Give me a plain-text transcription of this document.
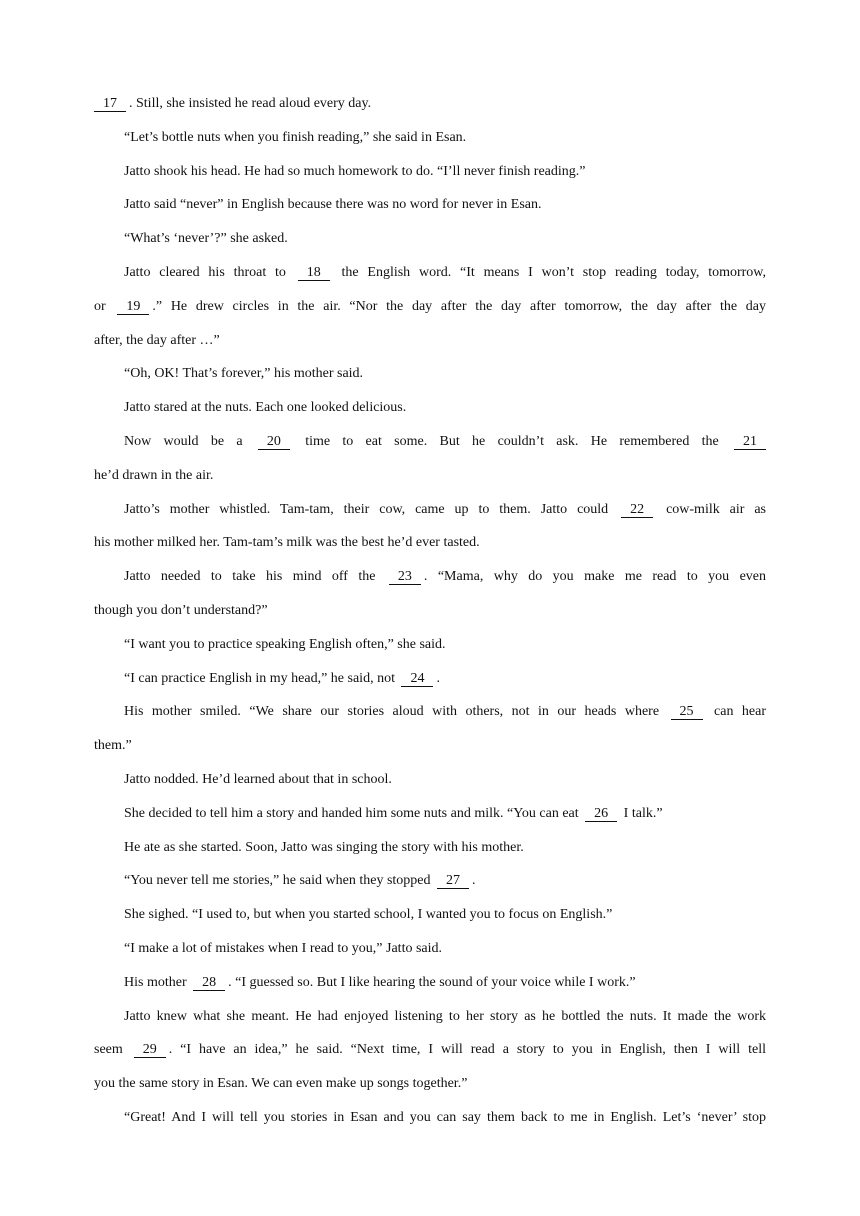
17 . Still, she insisted he read aloud every day.
“Let’s bottle nuts when you finish reading,” she said in Esan.
Jatto shook his head. He had so much homework to do. “I’ll never finish reading.”
Jatto said “never” in English because there was no word for never in Esan.
“What’s ‘never’?” she asked.
Jatto cleared his throat to 18 the English word. “It means I won’t stop reading today, tomorrow,
or 19 .” He drew circles in the air. “Nor the day after the day after tomorrow, the day after the day
after, the day after …”
“Oh, OK! That’s forever,” his mother said.
Jatto stared at the nuts. Each one looked delicious.
Now would be a 20 time to eat some. But he couldn’t ask. He remembered the 21
he’d drawn in the air.
Jatto’s mother whistled. Tam-tam, their cow, came up to them. Jatto could 22 cow-milk air as
his mother milked her. Tam-tam’s milk was the best he’d ever tasted.
Jatto needed to take his mind off the 23 . “Mama, why do you make me read to you even
though you don’t understand?”
“I want you to practice speaking English often,” she said.
“I can practice English in my head,” he said, not 24 .
His mother smiled. “We share our stories aloud with others, not in our heads where 25 can hear
them.”
Jatto nodded. He’d learned about that in school.
She decided to tell him a story and handed him some nuts and milk. “You can eat 26 I talk.”
He ate as she started. Soon, Jatto was singing the story with his mother.
“You never tell me stories,” he said when they stopped 27 .
She sighed. “I used to, but when you started school, I wanted you to focus on English.”
“I make a lot of mistakes when I read to you,” Jatto said.
His mother 28 . “I guessed so. But I like hearing the sound of your voice while I work.”
Jatto knew what she meant. He had enjoyed listening to her story as he bottled the nuts. It made the work
seem 29 . “I have an idea,” he said. “Next time, I will read a story to you in English, then I will tell
you the same story in Esan. We can even make up songs together.”
“Great! And I will tell you stories in Esan and you can say them back to me in English. Let’s ‘never’ stop
